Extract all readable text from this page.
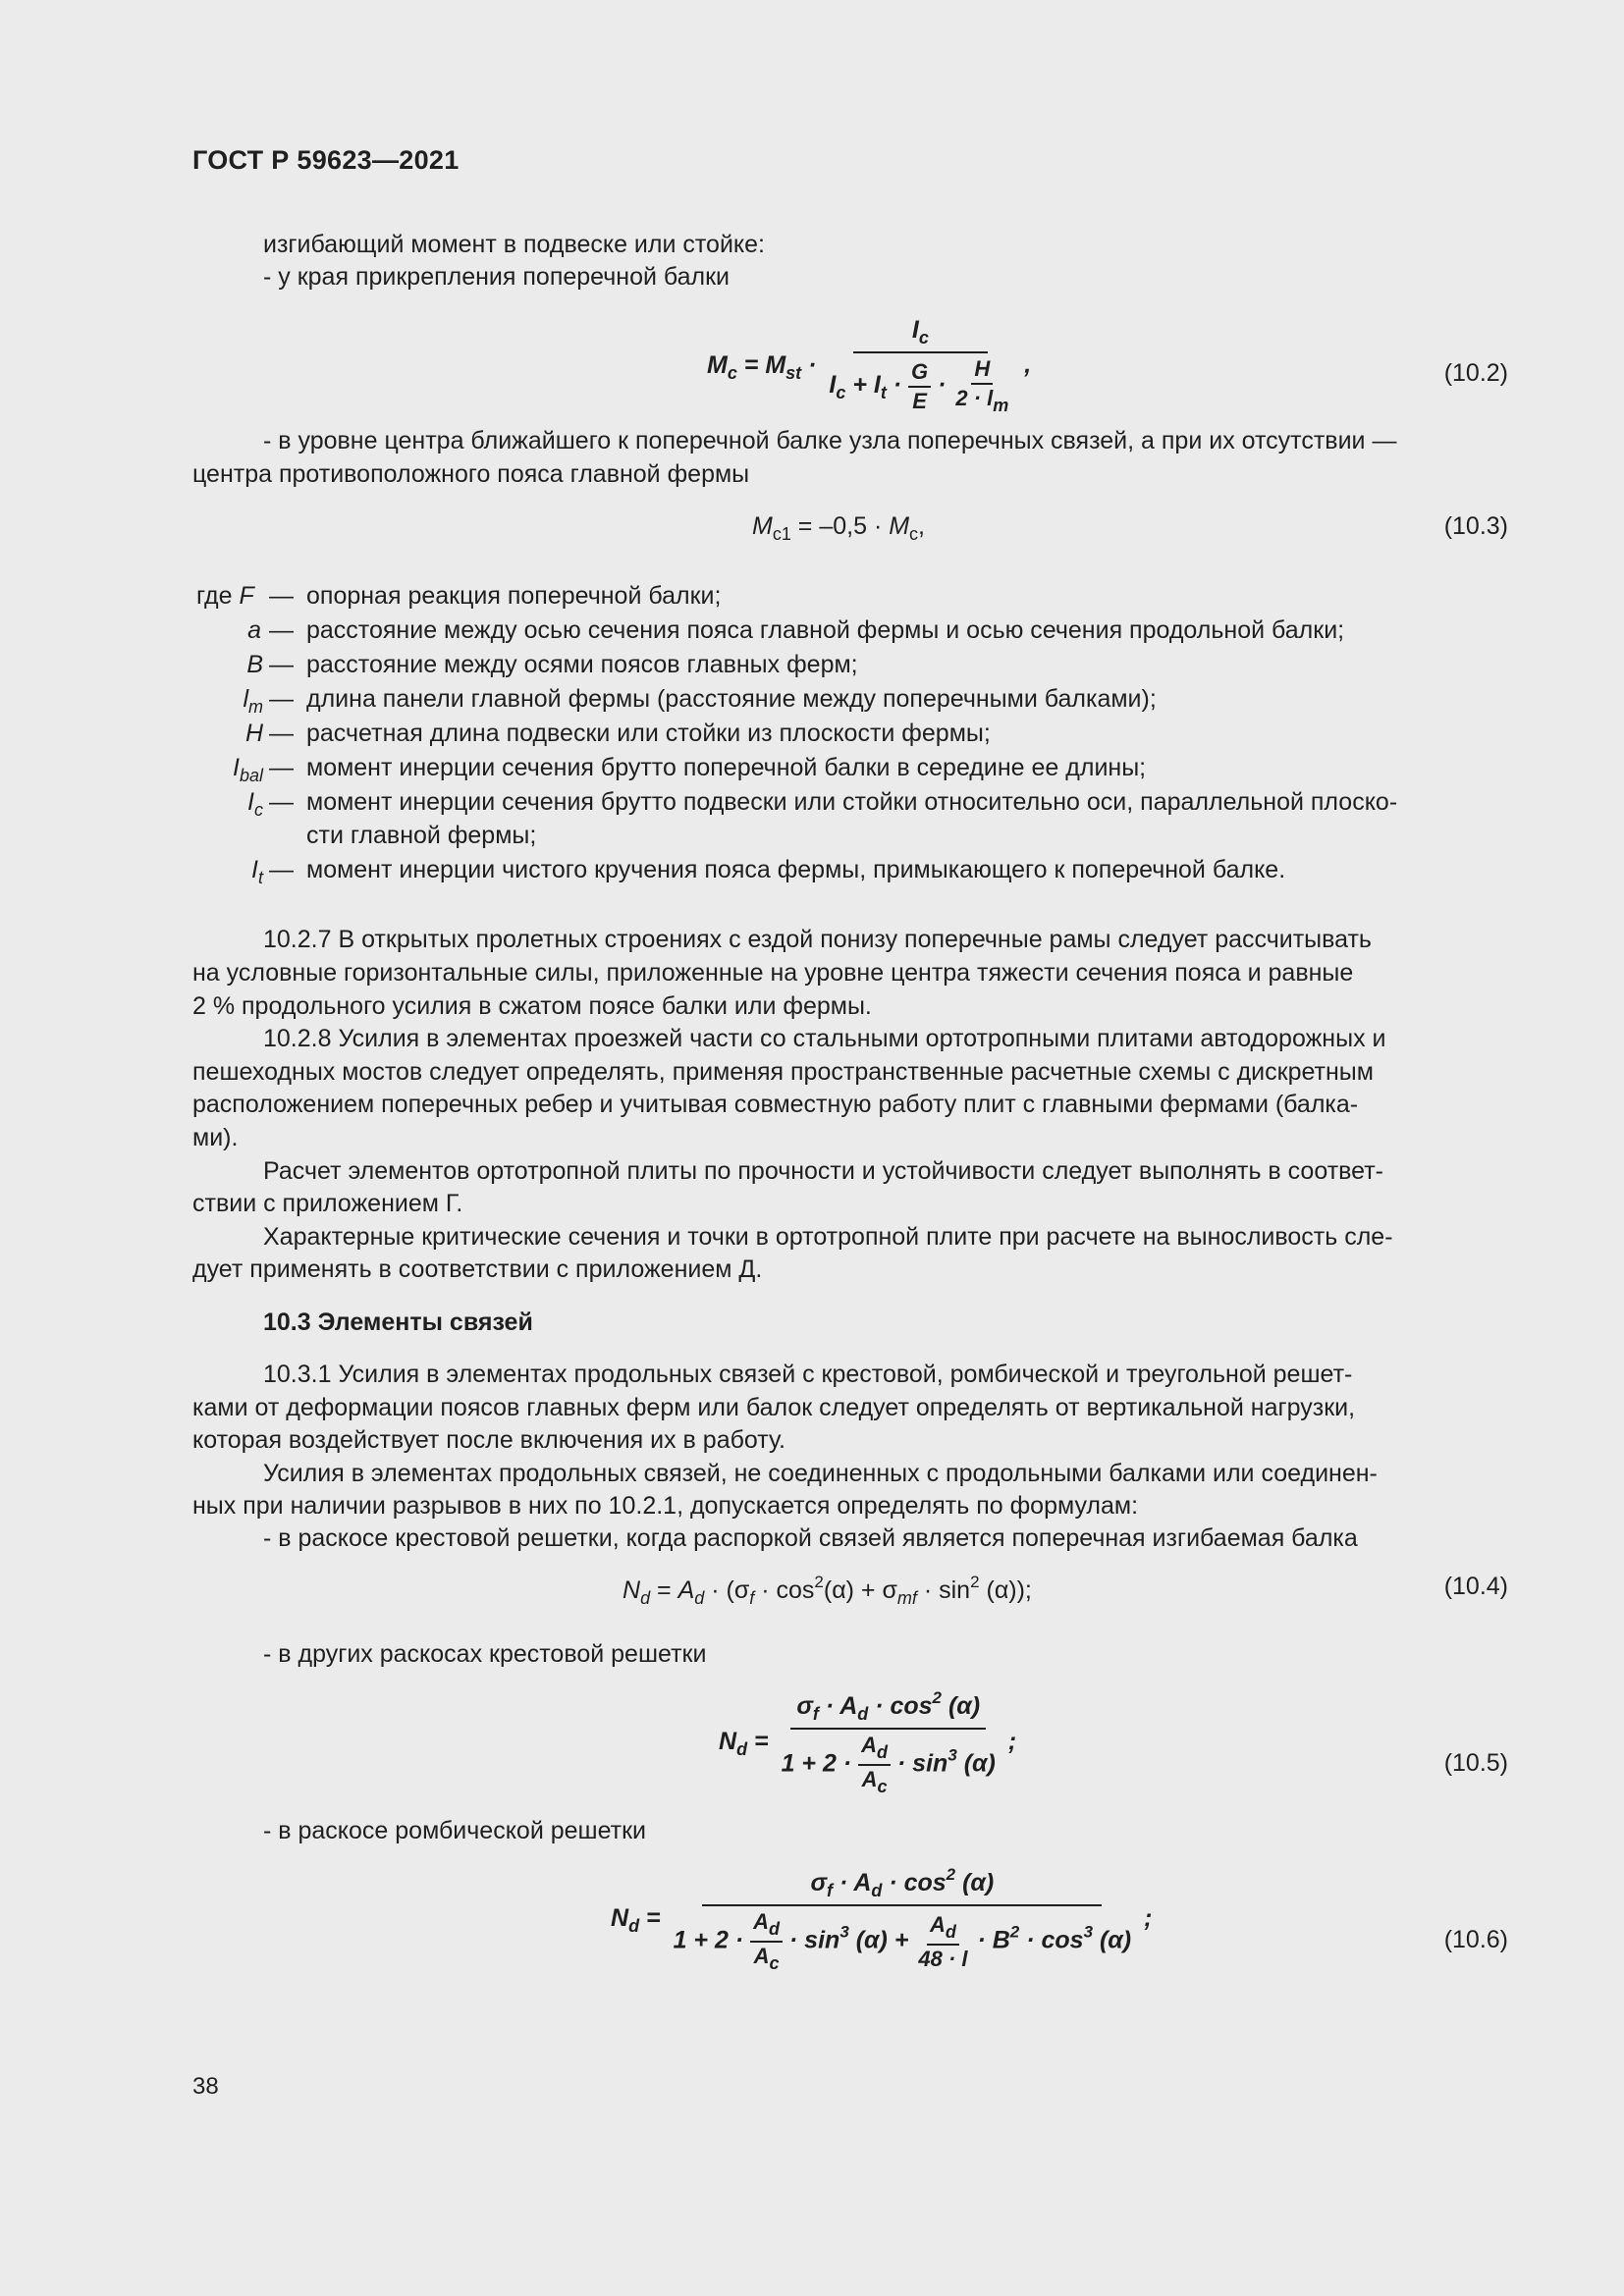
ГОСТ Р 59623—2021
изгибающий момент в подвеске или стойке:
- у края прикрепления поперечной балки
$M_c = M_{st} \cdot \frac{I_c}{I_c + I_t \cdot \frac{G}{E} \cdot \frac{H}{2 \cdot l_m}}$ ,	(10.2)
- в уровне центра ближайшего к поперечной балке узла поперечных связей, а при их отсутствии —
центра противоположного пояса главной фермы
$M_{c1} = -0,5 \cdot M_c$,	(10.3)
где F — опорная реакция поперечной балки;
a — расстояние между осью сечения пояса главной фермы и осью сечения продольной балки;
B — расстояние между осями поясов главных ферм;
$l_m$ — длина панели главной фермы (расстояние между поперечными балками);
H — расчетная длина подвески или стойки из плоскости фермы;
$I_{bal}$ — момент инерции сечения брутто поперечной балки в середине ее длины;
$I_c$ — момент инерции сечения брутто подвески или стойки относительно оси, параллельной плоско-
сти главной фермы;
$I_t$ — момент инерции чистого кручения пояса фермы, примыкающего к поперечной балке.
10.2.7 В открытых пролетных строениях с ездой понизу поперечные рамы следует рассчитывать
на условные горизонтальные силы, приложенные на уровне центра тяжести сечения пояса и равные
2 % продольного усилия в сжатом поясе балки или фермы.
10.2.8 Усилия в элементах проезжей части со стальными ортотропными плитами автодорожных и
пешеходных мостов следует определять, применяя пространственные расчетные схемы с дискретным
расположением поперечных ребер и учитывая совместную работу плит с главными фермами (балка-
ми).
Расчет элементов ортотропной плиты по прочности и устойчивости следует выполнять в соответ-
ствии с приложением Г.
Характерные критические сечения и точки в ортотропной плите при расчете на выносливость сле-
дует применять в соответствии с приложением Д.
10.3 Элементы связей
10.3.1 Усилия в элементах продольных связей с крестовой, ромбической и треугольной решет-
ками от деформации поясов главных ферм или балок следует определять от вертикальной нагрузки,
которая воздействует после включения их в работу.
Усилия в элементах продольных связей, не соединенных с продольными балками или соединен-
ных при наличии разрывов в них по 10.2.1, допускается определять по формулам:
- в раскосе крестовой решетки, когда распоркой связей является поперечная изгибаемая балка
$N_d = A_d \cdot (\sigma_f \cdot \cos^2(\alpha) + \sigma_{mf} \cdot \sin^2 (\alpha))$;	(10.4)
- в других раскосах крестовой решетки
$N_d = \frac{\sigma_f \cdot A_d \cdot \cos^2 (\alpha)}{1 + 2 \cdot \frac{A_d}{A_c} \cdot \sin^3 (\alpha)}$ ;
(10.5)
- в раскосе ромбической решетки
$N_d = \frac{\sigma_f \cdot A_d \cdot \cos^2 (\alpha)}{1 + 2 \cdot \frac{A_d}{A_c} \cdot \sin^3 (\alpha) + \frac{A_d}{48 \cdot l} \cdot B^2 \cdot \cos^3 (\alpha)}$ ;
(10.6)
38
